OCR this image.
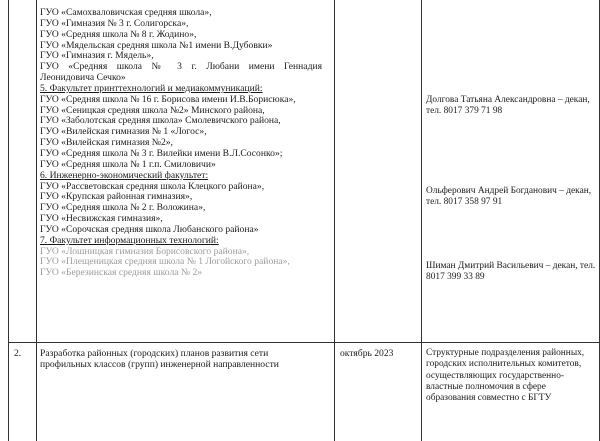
ГУО «Самохваловичская средняя школа»,
ГУО «Гимназия № 3 г. Солигорска»,
ГУО «Средняя школа № 8 г. Жодино»,
ГУО «Мядельская средняя школа №1 имени В.Дубовки»
ГУО «Гимназия г. Мядель»,
ГУО «Средняя школа № 3 г. Любани имени Геннадия
Леонидовича Сечко»
5. Факультет принттехнологий и медиакоммуникаций:
ГУО «Средняя школа № 16 г. Борисова имени И.В.Борисюка»,
ГУО «Сеницкая средняя школа №2» Минского района,
ГУО «Заболотская средняя школа» Смолевичского района,
ГУО «Вилейская гимназия № 1 «Логос»,
ГУО «Вилейская гимназия №2»,
ГУО «Средняя школа № 3 г. Вилейки имени В.Л.Сосонко»;
ГУО «Средняя школа № 1 г.п. Смиловичи»
6. Инженерно-экономический факультет:
ГУО «Рассветовская средняя школа Клецкого района»,
ГУО «Крупская районная гимназия»,
ГУО «Средняя школа № 2 г. Воложина»,
ГУО «Несвижская гимназия»,
ГУО «Сорочская средняя школа Любанского района»
7. Факультет информационных технологий:
ГУО «Лошницкая гимназия Борисовского района»,
ГУО «Плещеницкая средняя школа № 1 Логойского района»,
ГУО «Березинская средняя школа № 2»
Долгова Татьяна Александровна – декан, тел. 8017 379 71 98
Ольферович Андрей Богданович – декан, тел. 8017 358 97 91
Шиман Дмитрий Васильевич – декан, тел. 8017 399 33 89
2.	Разработка районных (городских) планов развития сети профильных классов (групп) инженерной направленности
октябрь 2023	Структурные подразделения районных, городских исполнительных комитетов, осуществляющих государственно-властные полномочия в сфере образования совместно с БГТУ
